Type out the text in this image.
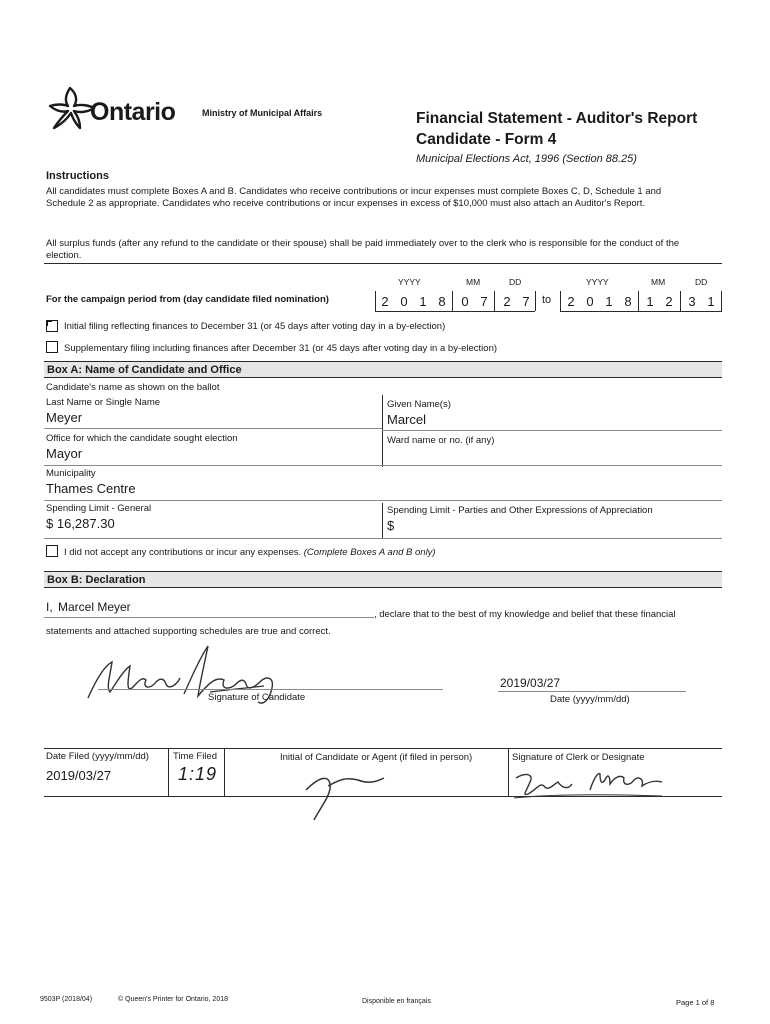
Ontario	Ministry of Municipal Affairs	Financial Statement - Auditor's Report
Candidate - Form 4
Municipal Elections Act, 1996 (Section 88.25)
Instructions
All candidates must complete Boxes A and B. Candidates who receive contributions or incur expenses must complete Boxes C, D, Schedule 1 and Schedule 2 as appropriate. Candidates who receive contributions or incur expenses in excess of $10,000 must also attach an Auditor's Report.
All surplus funds (after any refund to the candidate or their spouse) shall be paid immediately over to the clerk who is responsible for the conduct of the election.
YYYY	MM	DD	YYYY	MM	DD
For the campaign period from (day candidate filed nomination)	2 0 1 8	0 7	2 7	to	2 0 1 8	1 2	3 1
Initial filing reflecting finances to December 31 (or 45 days after voting day in a by-election)
Supplementary filing including finances after December 31 (or 45 days after voting day in a by-election)
Box A: Name of Candidate and Office
Candidate's name as shown on the ballot
Last Name or Single Name
Meyer
Given Name(s)
Marcel
Office for which the candidate sought election
Mayor
Ward name or no. (if any)
Municipality
Thames Centre
Spending Limit - General
$ 16,287.30
Spending Limit - Parties and Other Expressions of Appreciation
$
I did not accept any contributions or incur any expenses. (Complete Boxes A and B only)
Box B: Declaration
I, Marcel Meyer
, declare that to the best of my knowledge and belief that these financial
statements and attached supporting schedules are true and correct.
Signature of Candidate
2019/03/27
Date (yyyy/mm/dd)
Date Filed (yyyy/mm/dd)
2019/03/27
Time Filed
1:19
Initial of Candidate or Agent (if filed in person)	Signature of Clerk or Designate
9503P (2018/04)	© Queen's Printer for Ontario, 2018	Disponible en français	Page 1 of 8
